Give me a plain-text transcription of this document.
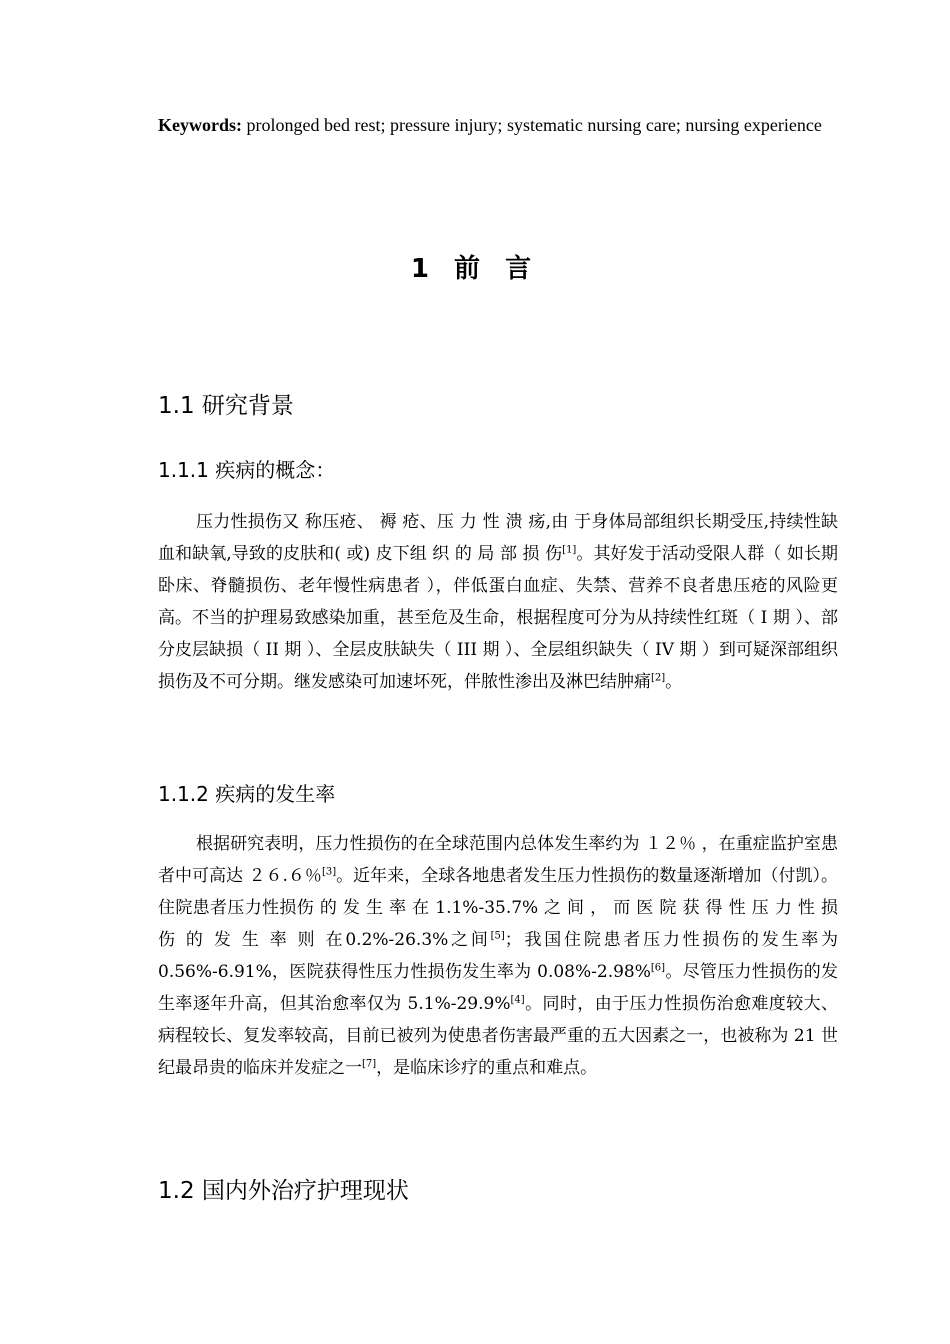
Keywords: prolonged bed rest; pressure injury; systematic nursing care; nursing experience
1 前 言
1.1 研究背景
1.1.1 疾病的概念：
压力性损伤又 称压疮、 褥 疮、压 力 性 溃 疡,由 于身体局部组织长期受压,持续性缺血和缺氧,导致的皮肤和( 或) 皮下组 织 的 局 部 损 伤[1]。其好发于活动受限人群（ 如长期卧床、脊髓损伤、老年慢性病患者 ），伴低蛋白血症、失禁、营养不良者患压疮的风险更高。不当的护理易致感染加重，甚至危及生命，根据程度可分为从持续性红斑（ I 期 ）、部分皮层缺损（ II 期 ）、全层皮肤缺失（ III 期 ）、全层组织缺失（ IV 期 ）到可疑深部组织损伤及不可分期。继发感染可加速坏死，伴脓性渗出及淋巴结肿痛[2]。
1.1.2 疾病的发生率
根据研究表明，压力性损伤的在全球范围内总体发生率约为 １２％ ，在重症监护室患者中可高达 ２６.６％[3]。近年来，全球各地患者发生压力性损伤的数量逐渐增加（付凯）。住院患者压力性损伤 的 发 生 率 在 1.1%-35.7% 之 间 ， 而 医 院 获 得 性 压 力 性 损 伤 的 发 生 率 则 在0.2%-26.3%之间[5]；我国住院患者压力性损伤的发生率为 0.56%-6.91%，医院获得性压力性损伤发生率为 0.08%-2.98%[6]。尽管压力性损伤的发生率逐年升高，但其治愈率仅为 5.1%-29.9%[4]。同时，由于压力性损伤治愈难度较大、病程较长、复发率较高，目前已被列为使患者伤害最严重的五大因素之一，也被称为 21 世纪最昂贵的临床并发症之一[7]，是临床诊疗的重点和难点。
1.2 国内外治疗护理现状
